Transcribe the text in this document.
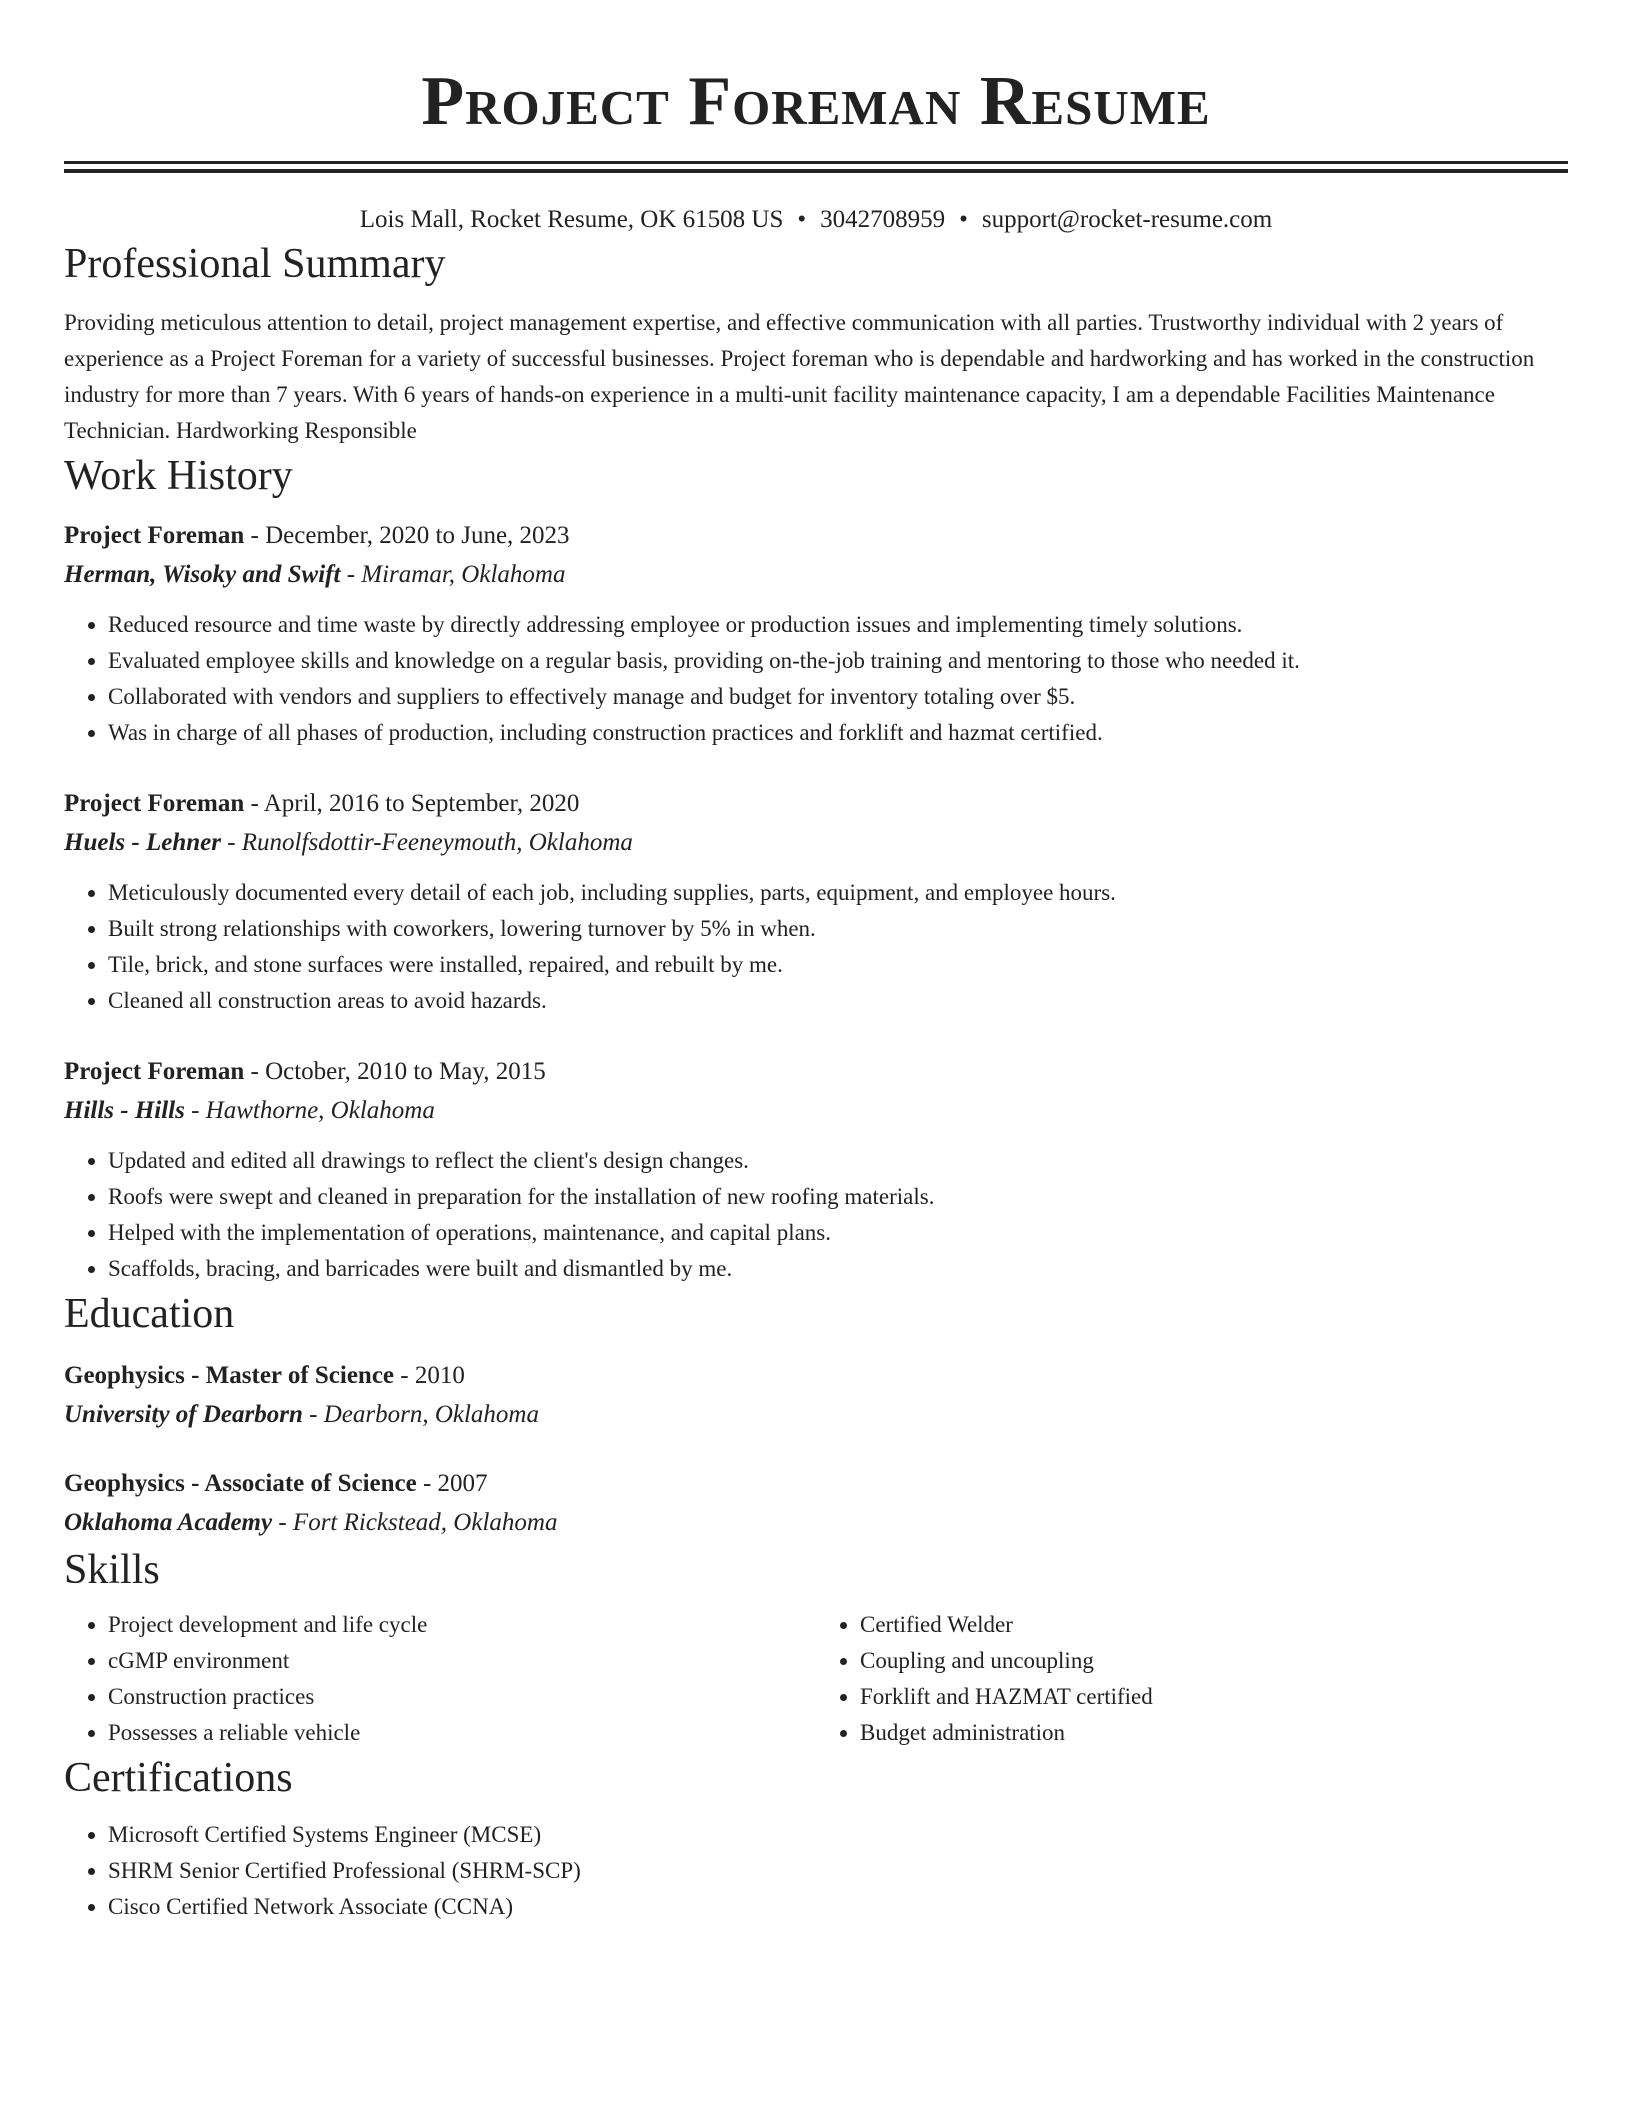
Project Foreman Resume
Lois Mall, Rocket Resume, OK 61508 US • 3042708959 • support@rocket-resume.com
Professional Summary

Providing meticulous attention to detail, project management expertise, and effective communication with all parties. Trustworthy individual with 2 years of experience as a Project Foreman for a variety of successful businesses. Project foreman who is dependable and hardworking and has worked in the construction industry for more than 7 years. With 6 years of hands-on experience in a multi-unit facility maintenance capacity, I am a dependable Facilities Maintenance Technician. Hardworking Responsible

Work History
Project Foreman - December, 2020 to June, 2023
Herman, Wisoky and Swift - Miramar, Oklahoma
• Reduced resource and time waste by directly addressing employee or production issues and implementing timely solutions.
• Evaluated employee skills and knowledge on a regular basis, providing on-the-job training and mentoring to those who needed it.
• Collaborated with vendors and suppliers to effectively manage and budget for inventory totaling over $5.
• Was in charge of all phases of production, including construction practices and forklift and hazmat certified.
Project Foreman - April, 2016 to September, 2020
Huels - Lehner - Runolfsdottir-Feeneymouth, Oklahoma
• Meticulously documented every detail of each job, including supplies, parts, equipment, and employee hours.
• Built strong relationships with coworkers, lowering turnover by 5% in when.
• Tile, brick, and stone surfaces were installed, repaired, and rebuilt by me.
• Cleaned all construction areas to avoid hazards.
Project Foreman - October, 2010 to May, 2015
Hills - Hills - Hawthorne, Oklahoma
• Updated and edited all drawings to reflect the client's design changes.
• Roofs were swept and cleaned in preparation for the installation of new roofing materials.
• Helped with the implementation of operations, maintenance, and capital plans.
• Scaffolds, bracing, and barricades were built and dismantled by me.
Education
Geophysics - Master of Science - 2010
University of Dearborn - Dearborn, Oklahoma
Geophysics - Associate of Science - 2007
Oklahoma Academy - Fort Rickstead, Oklahoma
Skills
• Project development and life cycle
• cGMP environment
• Construction practices
• Possesses a reliable vehicle
• Certified Welder
• Coupling and uncoupling
• Forklift and HAZMAT certified
• Budget administration
Certifications
• Microsoft Certified Systems Engineer (MCSE)
• SHRM Senior Certified Professional (SHRM-SCP)
• Cisco Certified Network Associate (CCNA)
